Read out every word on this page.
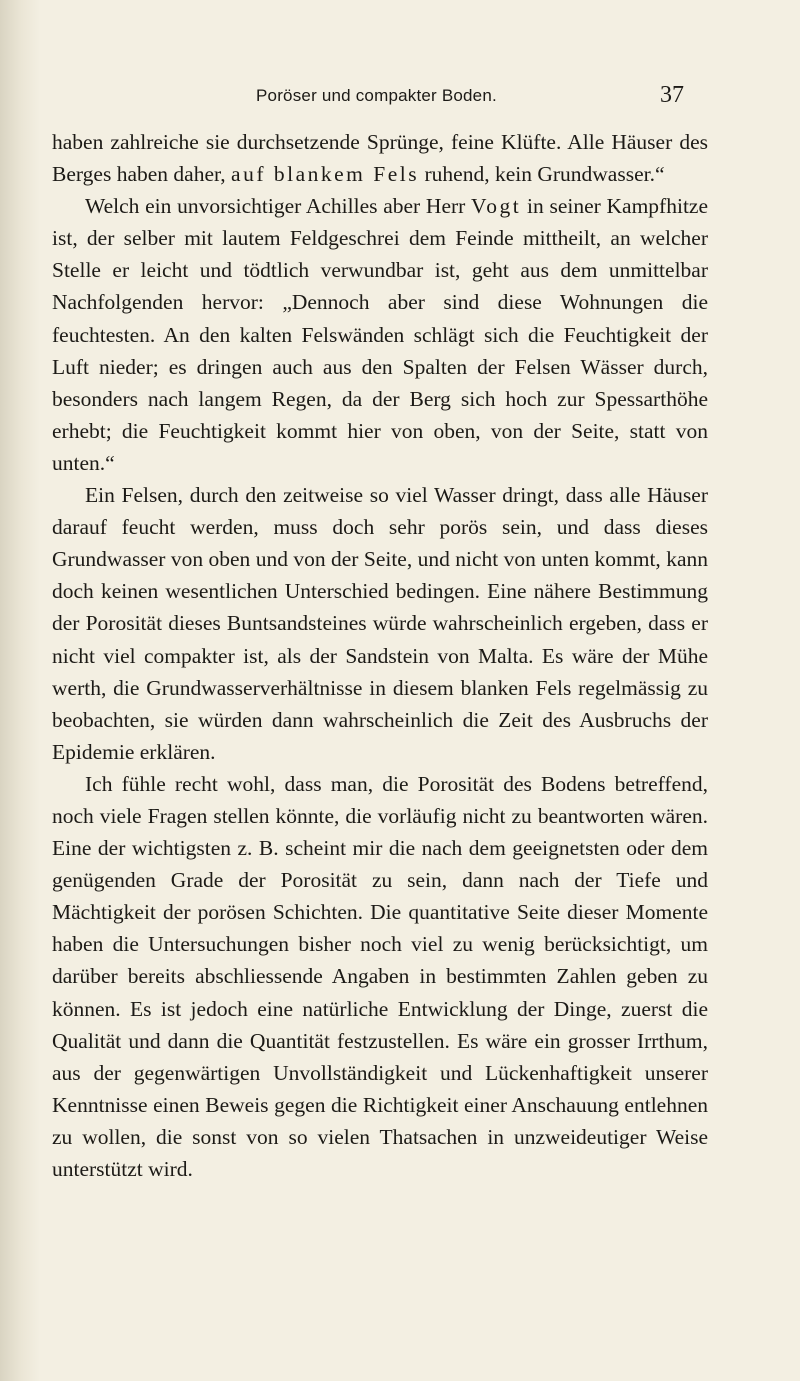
Poröser und compakter Boden.	37

haben zahlreiche sie durchsetzende Sprünge, feine Klüfte. Alle Häuser des Berges haben daher, auf blankem Fels ruhend, kein Grundwasser.“

Welch ein unvorsichtiger Achilles aber Herr Vogt in seiner Kampfhitze ist, der selber mit lautem Feldgeschrei dem Feinde mittheilt, an welcher Stelle er leicht und tödtlich verwundbar ist, geht aus dem unmittelbar Nachfolgenden hervor: „Dennoch aber sind diese Wohnungen die feuchtesten. An den kalten Felswänden schlägt sich die Feuchtigkeit der Luft nieder; es dringen auch aus den Spalten der Felsen Wässer durch, besonders nach langem Regen, da der Berg sich hoch zur Spessarthöhe erhebt; die Feuchtigkeit kommt hier von oben, von der Seite, statt von unten.“

Ein Felsen, durch den zeitweise so viel Wasser dringt, dass alle Häuser darauf feucht werden, muss doch sehr porös sein, und dass dieses Grundwasser von oben und von der Seite, und nicht von unten kommt, kann doch keinen wesentlichen Unterschied bedingen. Eine nähere Bestimmung der Porosität dieses Buntsandsteines würde wahrscheinlich ergeben, dass er nicht viel compakter ist, als der Sandstein von Malta. Es wäre der Mühe werth, die Grundwasserverhältnisse in diesem blanken Fels regelmässig zu beobachten, sie würden dann wahrscheinlich die Zeit des Ausbruchs der Epidemie erklären.

Ich fühle recht wohl, dass man, die Porosität des Bodens betreffend, noch viele Fragen stellen könnte, die vorläufig nicht zu beantworten wären. Eine der wichtigsten z. B. scheint mir die nach dem geeignetsten oder dem genügenden Grade der Porosität zu sein, dann nach der Tiefe und Mächtigkeit der porösen Schichten. Die quantitative Seite dieser Momente haben die Untersuchungen bisher noch viel zu wenig berücksichtigt, um darüber bereits abschliessende Angaben in bestimmten Zahlen geben zu können. Es ist jedoch eine natürliche Entwicklung der Dinge, zuerst die Qualität und dann die Quantität festzustellen. Es wäre ein grosser Irrthum, aus der gegenwärtigen Unvollständigkeit und Lückenhaftigkeit unserer Kenntnisse einen Beweis gegen die Richtigkeit einer Anschauung entlehnen zu wollen, die sonst von so vielen Thatsachen in unzweideutiger Weise unterstützt wird.
